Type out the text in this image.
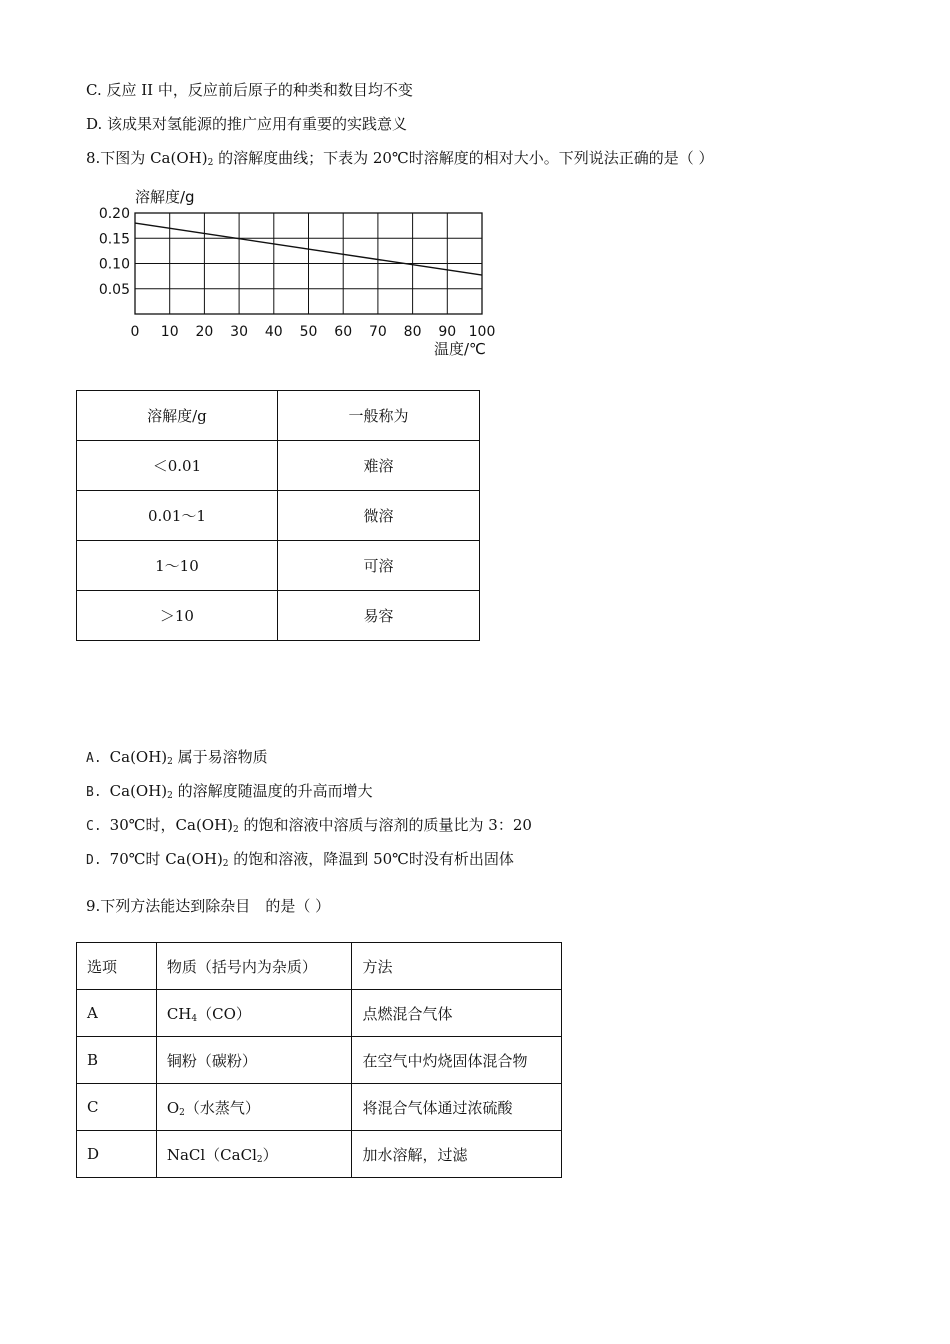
C. 反应 II 中，反应前后原子的种类和数目均不变
D. 该成果对氢能源的推广应用有重要的实践意义
8.下图为 $Ca(OH)_2$ 的溶解度曲线；下表为 20℃时溶解度的相对大小。下列说法正确的是（ ）
0.20
0.15
0.10
0.05
0 10 20 30 40 50 60 70 80 90 100
溶解度/g
温度/℃
溶解度/g	一般称为
＜0.01	难溶
0.01～1	微溶
1～10	可溶
＞10	易容
A. $Ca(OH)_2$ 属于易溶物质
B. $Ca(OH)_2$ 的溶解度随温度的升高而增大
C. 30℃时，$Ca(OH)_2$ 的饱和溶液中溶质与溶剂的质量比为 3：20
D. 70℃时 $Ca(OH)_2$ 的饱和溶液，降温到 50℃时没有析出固体
9.下列方法能达到除杂目　的是（ ）
选项	物质（括号内为杂质）	方法
A	$CH_4(CO)$	点燃混合气体
B	铜粉（碳粉）	在空气中灼烧固体混合物
C	$O_2$（水蒸气）	将混合气体通过浓硫酸
D	NaCl（CaCl$_2$）	加水溶解，过滤
